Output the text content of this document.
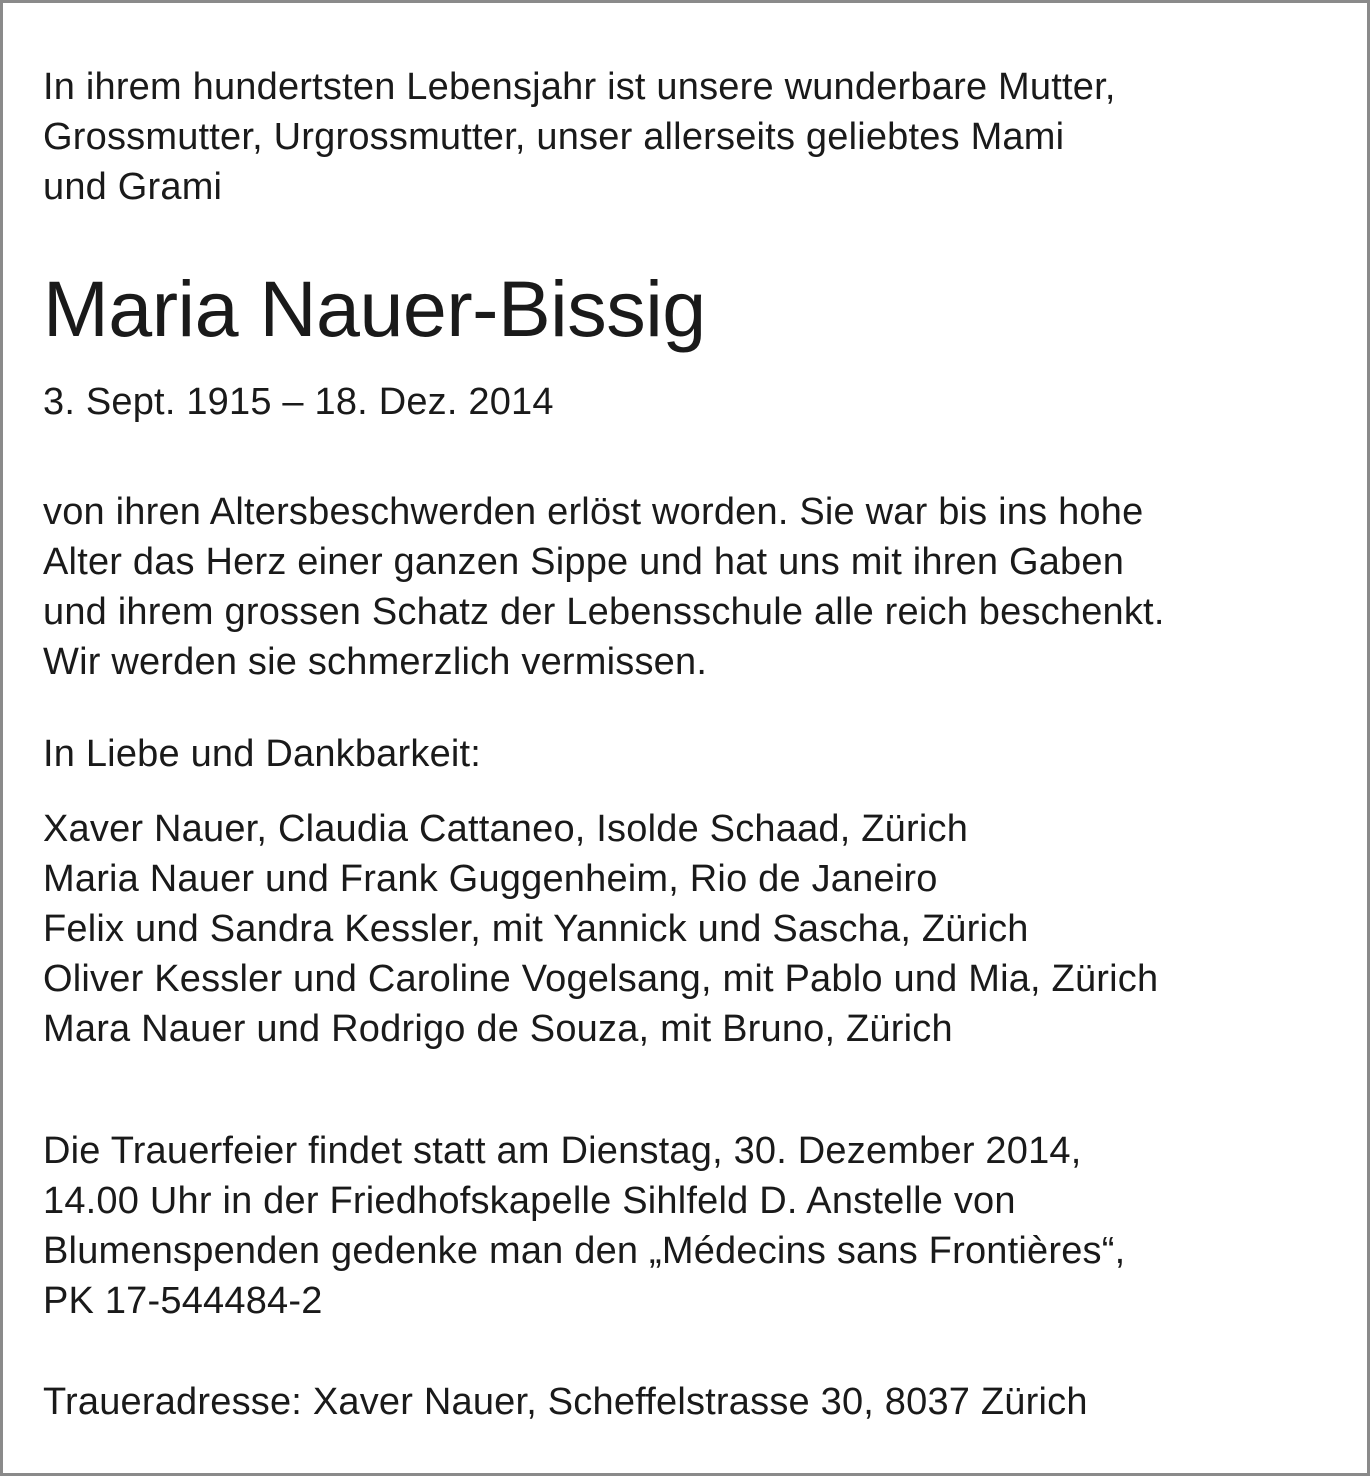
In ihrem hundertsten Lebensjahr ist unsere wunderbare Mutter,
Grossmutter, Urgrossmutter, unser allerseits geliebtes Mami
und Grami

Maria Nauer-Bissig

3. Sept. 1915 – 18. Dez. 2014

von ihren Altersbeschwerden erlöst worden. Sie war bis ins hohe
Alter das Herz einer ganzen Sippe und hat uns mit ihren Gaben
und ihrem grossen Schatz der Lebensschule alle reich beschenkt.
Wir werden sie schmerzlich vermissen.

In Liebe und Dankbarkeit:

Xaver Nauer, Claudia Cattaneo, Isolde Schaad, Zürich
Maria Nauer und Frank Guggenheim, Rio de Janeiro
Felix und Sandra Kessler, mit Yannick und Sascha, Zürich
Oliver Kessler und Caroline Vogelsang, mit Pablo und Mia, Zürich
Mara Nauer und Rodrigo de Souza, mit Bruno, Zürich

Die Trauerfeier findet statt am Dienstag, 30. Dezember 2014,
14.00 Uhr in der Friedhofskapelle Sihlfeld D. Anstelle von
Blumenspenden gedenke man den „Médecins sans Frontières“,
PK 17-544484-2

Traueradresse: Xaver Nauer, Scheffelstrasse 30, 8037 Zürich
